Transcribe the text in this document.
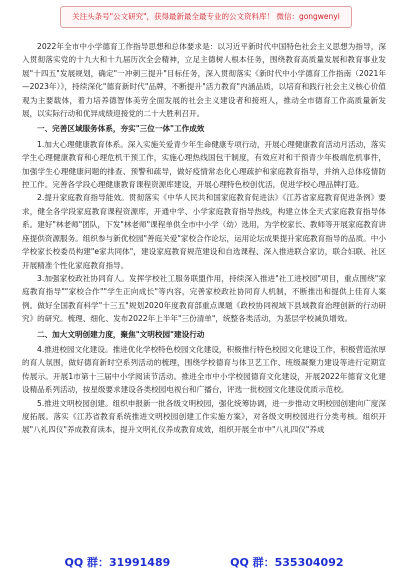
关注头条号"公文研究"，获得最新最全最专业的公文资料库！ 微信：gongwenyi

2022年全市中小学德育工作指导思想和总体要求是：以习近平新时代中国特色社会主义思想为指导，深入贯彻落实党的十九大和十九届历次全会精神，立足主德树人根本任务，围绕教育高质量发展和教育事业发展"十四五"发展规划，确定"一冲刺三提升"目标任务，深入贯彻落实《新时代中小学德育工作指南（2021年—2023年）》，持续深化"德育新时代"品牌，不断提升"活力教育"内涵品质，以培育和践行社会主义核心价值观为主要载体，着力培养德智体美劳全面发展的社会主义建设者和接班人，推动全市德育工作高质量新发展，以实际行动和优异成绩迎接党的二十大胜利召开。

一、完善区域服务体系，夯实"三位一体"工作成效

1.加大心理健康教育体系。深入实施关爱青少年生命健康专项行动，开展心理健康教育活动月活动，落实学生心理健康教育和心理危机干预工作，实施心理热线国包干制度，有效应对和干预青少年极端危机事件，加强学生心理健康问题的排查、预警和疏导，做好疫情常态化心理疏护和家庭教育指导，并纳入总体疫情防控工作。完善各学段心理健康教育课程资源库建设，开展心理特色校创优活，促进学校心理品牌打造。

2.提升家庭教育指导能效。贯彻落实《中华人民共和国家庭教育促进法》《江苏省家庭教育促进条例》要求，健全各学段家庭教育课程资源库，开通中学、小学家庭教育指导热线，构建立体全天式家庭教育指导体系。建好"林老师"团队，下发"林老师"课程单供全市中小学（幼）选用，为学校家长、教师等开展家庭教育讲座提供资源服务。组织参与新优校园"善庭关爱"家校合作论坛，运用论坛成果提升家庭教育指导的品质。中小学校家长校委员构建"e家共同体"，建设家庭教育规范建设和自选课程、深入推进联合家访，联合妇联、社区开展精准个性化家庭教育指导。

3.加强家校政社协同育人。发挥学校社工服务联盟作用，持续深入推进"社工进校园"项目，重点围绕"家庭教育指导""家校合作""学生正向成长"等内容，完善家校政社协同育人机制，不断推出和提供上佳育人案例。做好全国教育科学"十三五"规划2020年度教育部重点课题《政校协同视域下县域教育治理创新的行动研究》的研究。梳理、细化、发布2022年上半年"三份清单"，统整各类活动，为基层学校减负增效。

二、加大文明创建力度，聚焦"文明校园"建设行动

4.推进校园文化建设。推进优化学校特色校园文化建设，积极推行特色校园文化建设工作，积极营造浓厚的育人氛围，做好德育新时空系列活动的梳理，围绕学校德育与体卫艺工作、班级凝聚力建设等进行定期宣传展示。开展1市第十三届中小学阅读节活动。推进全市中小学校园德育文化建设，开展2022年德育文化建设精品系列活动，按星级要求建设各类校园电视台和广播台，评选一批校园文化建设优质示范校。

5.推进文明校园创建。组织申报新一批各级文明校园，强化统筹协调，进一步推动文明校园创建向广度深度拓展。落实《江苏省教育系统推进文明校园创建工作实施方案》，对各级文明校园进行分类考核。组织开展"八礼四仪"养成教育读本，提升文明礼仪养成教育成效，组织开展全市中"八礼四仪"养成

QQ 群：31991489	QQ 群：535304092
